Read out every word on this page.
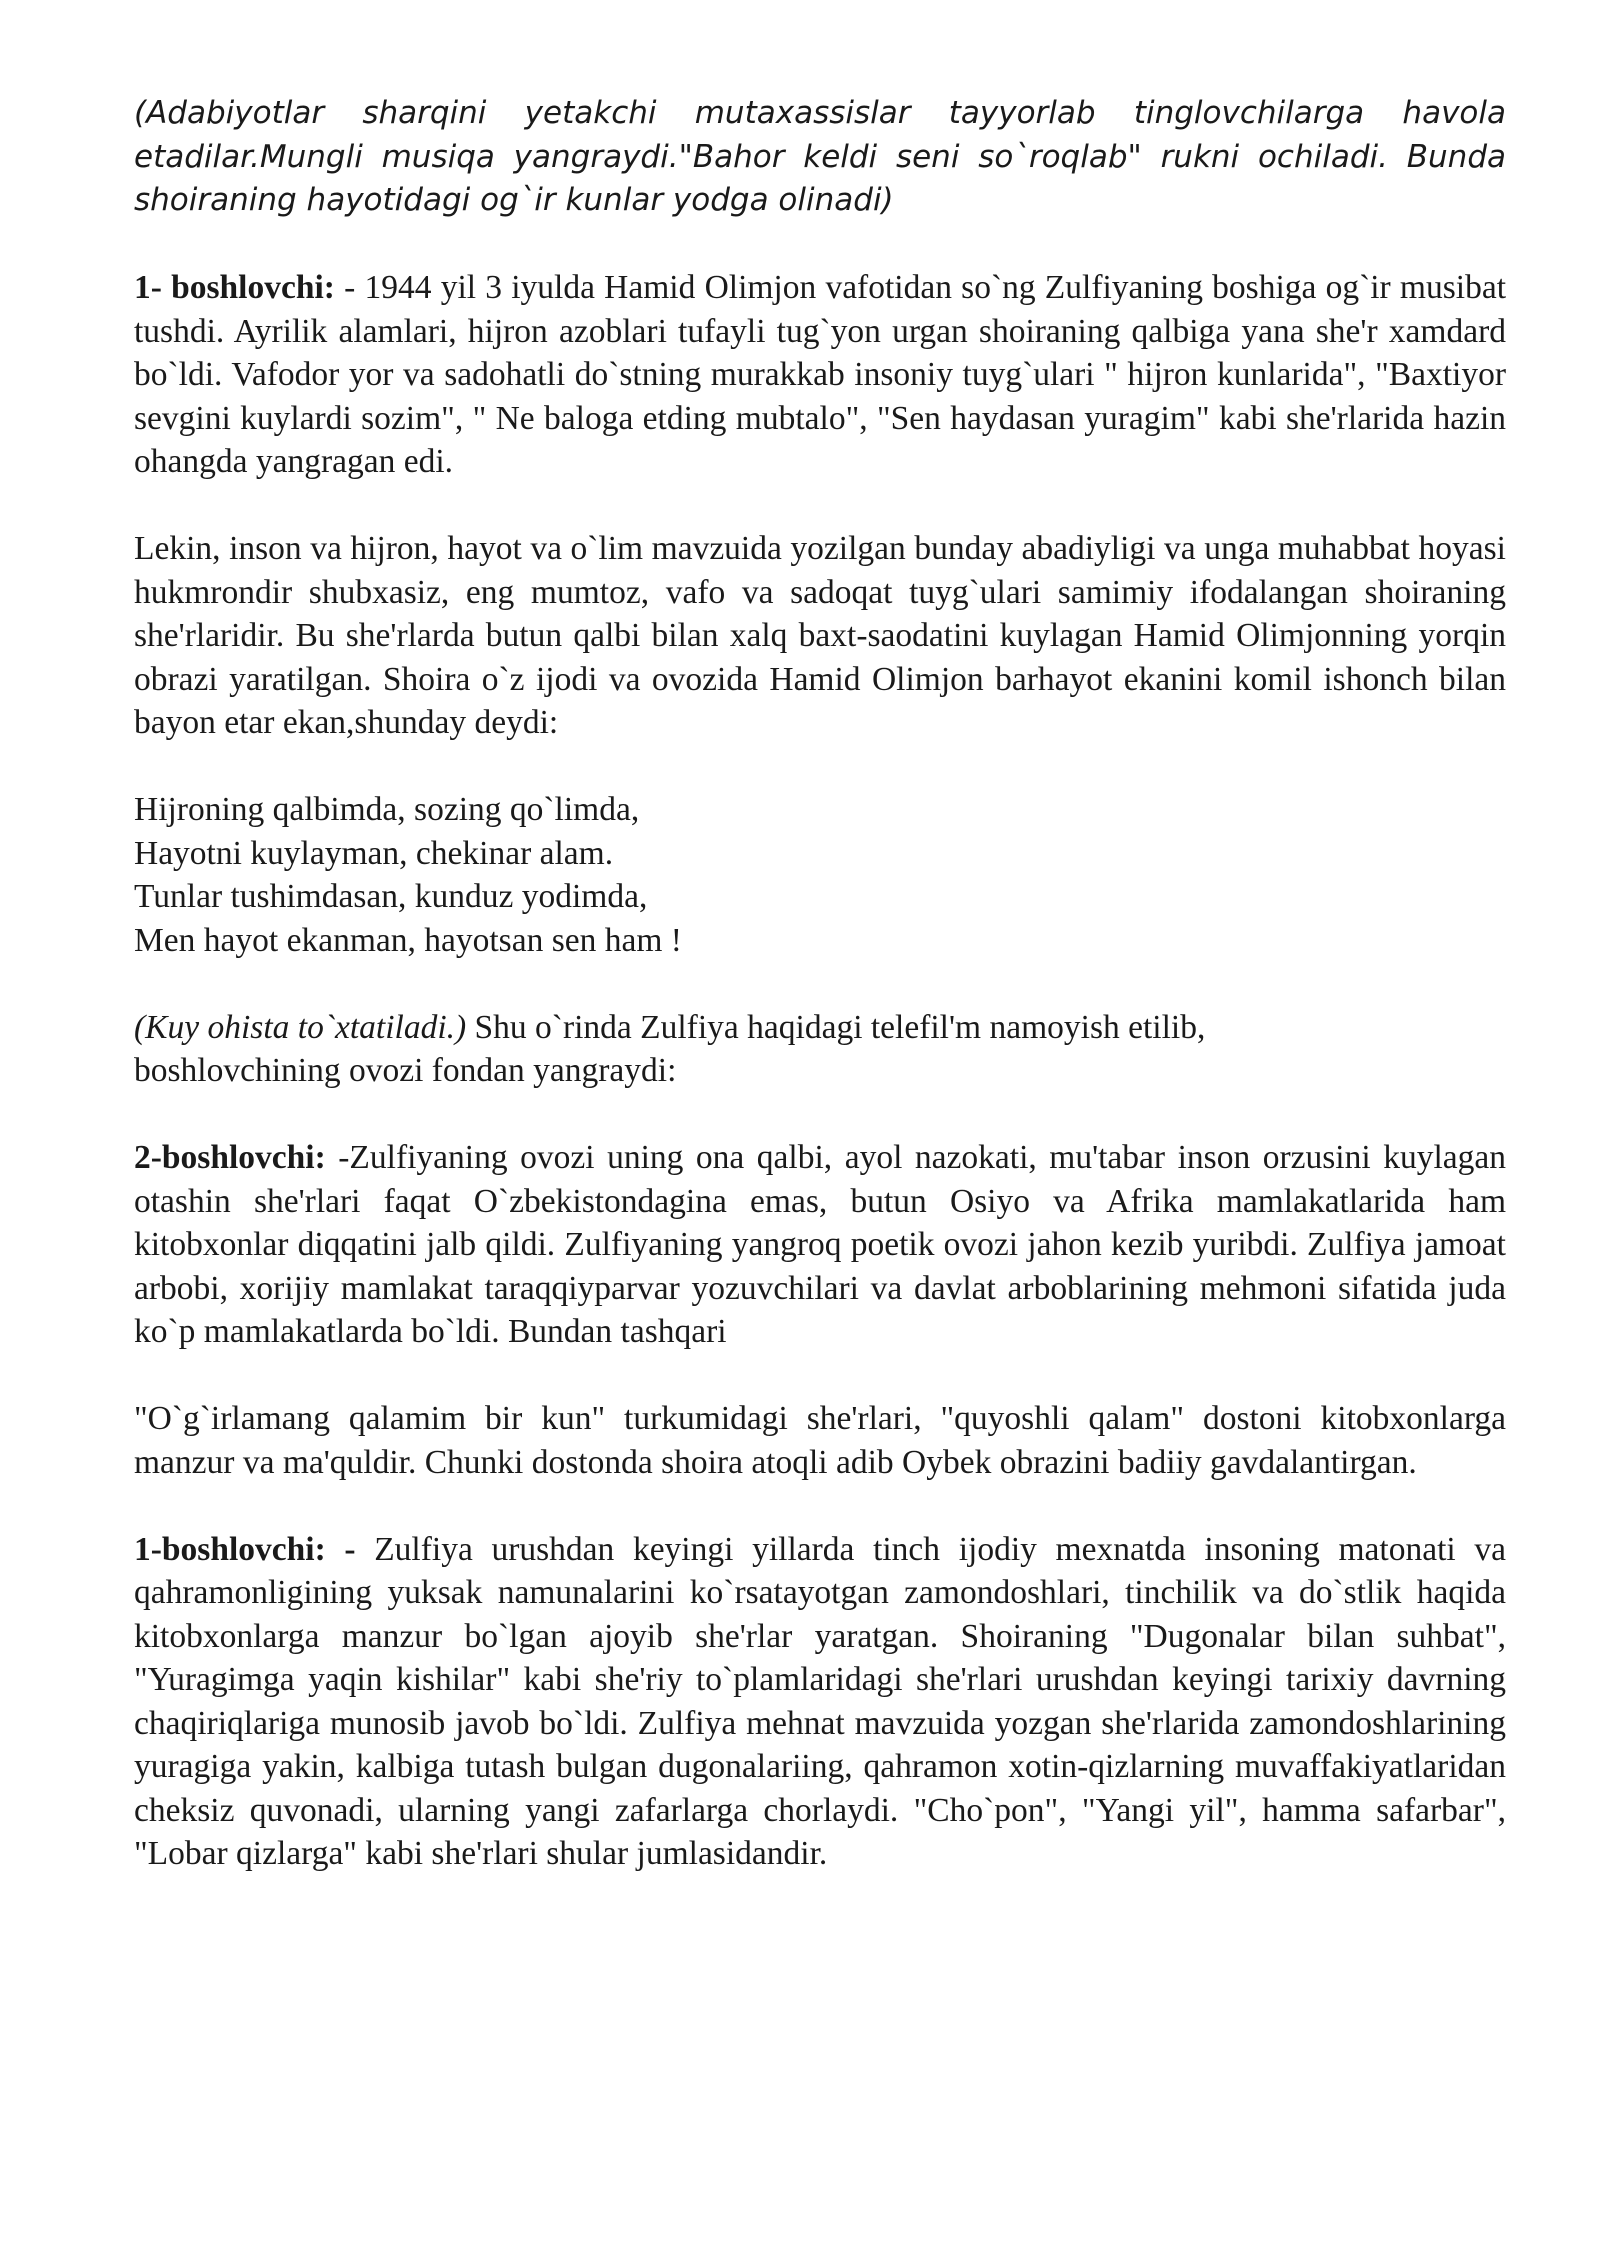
(Adabiyotlar sharqini yetakchi mutaxassislar tayyorlab tinglovchilarga havola etadilar.Mungli musiqa yangraydi."Bahor keldi seni so`roqlab" rukni ochiladi. Bunda shoiraning hayotidagi og`ir kunlar yodga olinadi)

1- boshlovchi: - 1944 yil 3 iyulda Hamid Olimjon vafotidan so`ng Zulfiyaning boshiga og`ir musibat tushdi. Ayrilik alamlari, hijron azoblari tufayli tug`yon urgan shoiraning qalbiga yana she'r xamdard bo`ldi. Vafodor yor va sadohatli do`stning murakkab insoniy tuyg`ulari " hijron kunlarida", "Baxtiyor sevgini kuylardi sozim", " Ne baloga etding mubtalo", "Sen haydasan yuragim" kabi she'rlarida hazin ohangda yangragan edi.

Lekin, inson va hijron, hayot va o`lim mavzuida yozilgan bunday abadiyligi va unga muhabbat hoyasi hukmrondir shubxasiz, eng mumtoz, vafo va sadoqat tuyg`ulari samimiy ifodalangan shoiraning she'rlaridir. Bu she'rlarda butun qalbi bilan xalq baxt-saodatini kuylagan Hamid Olimjonning yorqin obrazi yaratilgan. Shoira o`z ijodi va ovozida Hamid Olimjon barhayot ekanini komil ishonch bilan bayon etar ekan,shunday deydi:

Hijroning qalbimda, sozing qo`limda,

Hayotni kuylayman, chekinar alam.

Tunlar tushimdasan, kunduz yodimda,

Men hayot ekanman, hayotsan sen ham !

(Kuy ohista to`xtatiladi.) Shu o`rinda Zulfiya haqidagi telefil'm namoyish etilib,
boshlovchining ovozi fondan yangraydi:

2-boshlovchi: -Zulfiyaning ovozi uning ona qalbi, ayol nazokati, mu'tabar inson orzusini kuylagan otashin she'rlari faqat O`zbekistondagina emas, butun Osiyo va Afrika mamlakatlarida ham kitobxonlar diqqatini jalb qildi. Zulfiyaning yangroq poetik ovozi jahon kezib yuribdi. Zulfiya jamoat arbobi, xorijiy mamlakat taraqqiyparvar yozuvchilari va davlat arboblarining mehmoni sifatida juda ko`p mamlakatlarda bo`ldi. Bundan tashqari

"O`g`irlamang qalamim bir kun" turkumidagi she'rlari, "quyoshli qalam" dostoni kitobxonlarga manzur va ma'quldir. Chunki dostonda shoira atoqli adib Oybek obrazini badiiy gavdalantirgan.

1-boshlovchi: - Zulfiya urushdan keyingi yillarda tinch ijodiy mexnatda insoning matonati va qahramonligining yuksak namunalarini ko`rsatayotgan zamondoshlari, tinchilik va do`stlik haqida kitobxonlarga manzur bo`lgan ajoyib she'rlar yaratgan. Shoiraning "Dugonalar bilan suhbat", "Yuragimga yaqin kishilar" kabi she'riy to`plamlaridagi she'rlari urushdan keyingi tarixiy davrning chaqiriqlariga munosib javob bo`ldi. Zulfiya mehnat mavzuida yozgan she'rlarida zamondoshlarining yuragiga yakin, kalbiga tutash bulgan dugonalariing, qahramon xotin-qizlarning muvaffakiyatlaridan cheksiz quvonadi, ularning yangi zafarlarga chorlaydi. "Cho`pon", "Yangi yil", hamma safarbar", "Lobar qizlarga" kabi she'rlari shular jumlasidandir.
